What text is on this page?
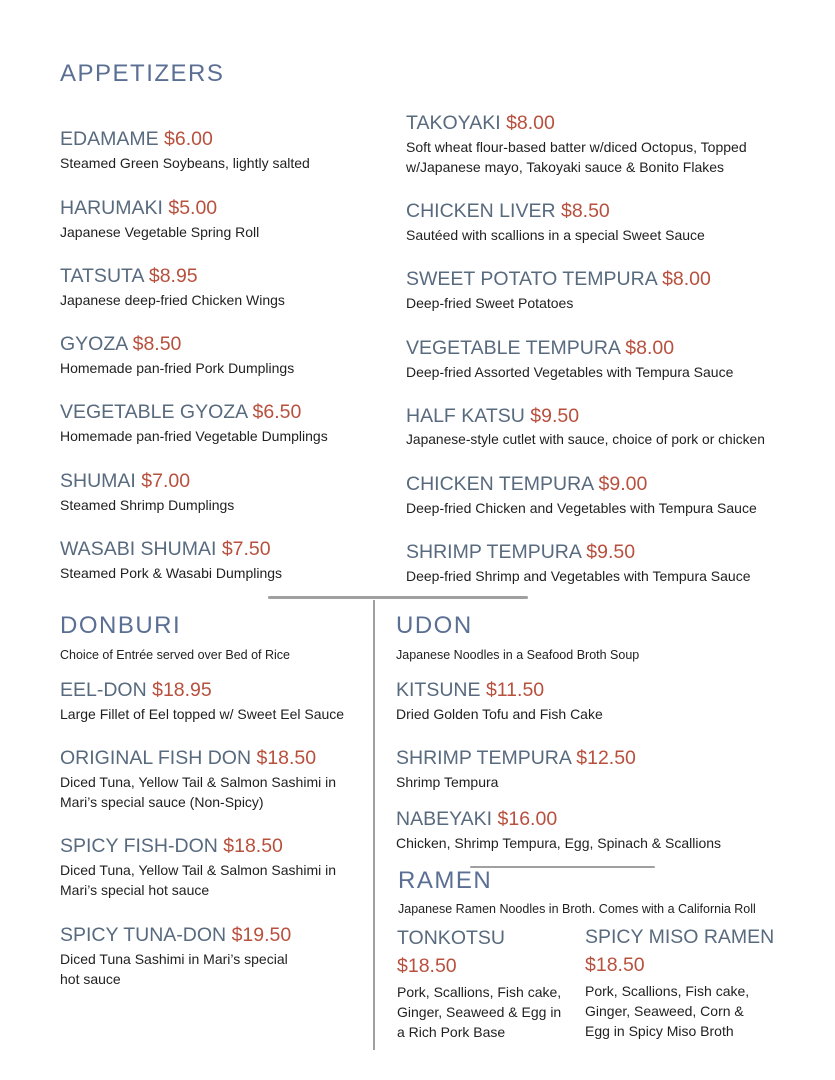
APPETIZERS
EDAMAME $6.00
Steamed Green Soybeans, lightly salted
HARUMAKI $5.00
Japanese Vegetable Spring Roll
TATSUTA $8.95
Japanese deep-fried Chicken Wings
GYOZA $8.50
Homemade pan-fried Pork Dumplings
VEGETABLE GYOZA $6.50
Homemade pan-fried Vegetable Dumplings
SHUMAI $7.00
Steamed Shrimp Dumplings
WASABI SHUMAI $7.50
Steamed Pork & Wasabi Dumplings
TAKOYAKI $8.00
Soft wheat flour-based batter w/diced Octopus, Topped w/Japanese mayo, Takoyaki sauce & Bonito Flakes
CHICKEN LIVER $8.50
Sautéed with scallions in a special Sweet Sauce
SWEET POTATO TEMPURA $8.00
Deep-fried Sweet Potatoes
VEGETABLE TEMPURA $8.00
Deep-fried Assorted Vegetables with Tempura Sauce
HALF KATSU $9.50
Japanese-style cutlet with sauce, choice of pork or chicken
CHICKEN TEMPURA $9.00
Deep-fried Chicken and Vegetables with Tempura Sauce
SHRIMP TEMPURA $9.50
Deep-fried Shrimp and Vegetables with Tempura Sauce
DONBURI
Choice of Entrée served over Bed of Rice
EEL-DON $18.95
Large Fillet of Eel topped w/ Sweet Eel Sauce
ORIGINAL FISH DON $18.50
Diced Tuna, Yellow Tail & Salmon Sashimi in Mari’s special sauce (Non-Spicy)
SPICY FISH-DON $18.50
Diced Tuna, Yellow Tail & Salmon Sashimi in Mari’s special hot sauce
SPICY TUNA-DON $19.50
Diced Tuna Sashimi in Mari’s special hot sauce
UDON
Japanese Noodles in a Seafood Broth Soup
KITSUNE $11.50
Dried Golden Tofu and Fish Cake
SHRIMP TEMPURA $12.50
Shrimp Tempura
NABEYAKI $16.00
Chicken, Shrimp Tempura, Egg, Spinach & Scallions
RAMEN
Japanese Ramen Noodles in Broth. Comes with a California Roll
TONKOTSU
$18.50
Pork, Scallions, Fish cake, Ginger, Seaweed & Egg in a Rich Pork Base
SPICY MISO RAMEN
$18.50
Pork, Scallions, Fish cake, Ginger, Seaweed, Corn & Egg in Spicy Miso Broth
